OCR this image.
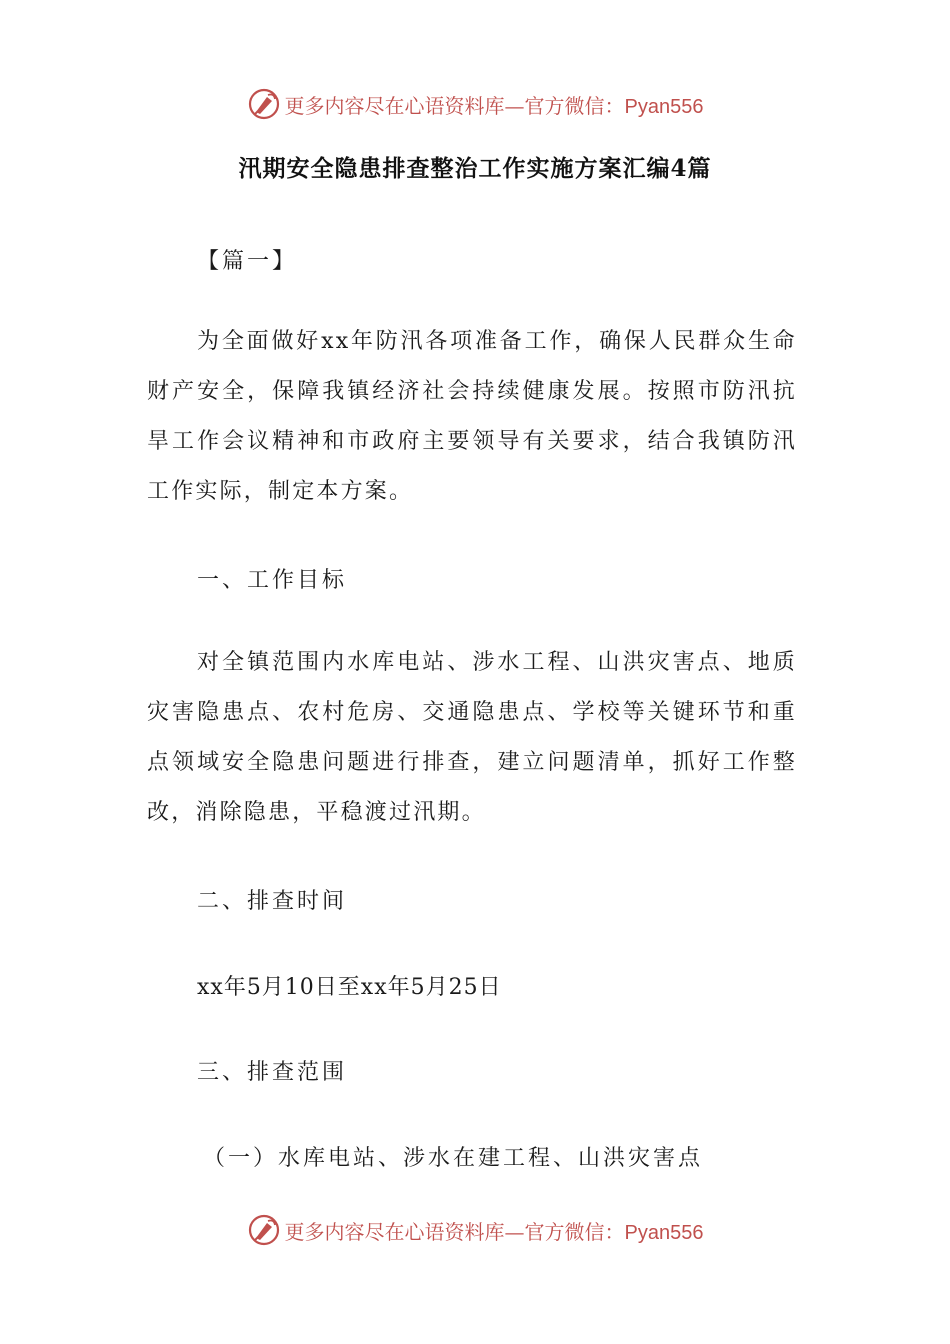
更多内容尽在心语资料库—官方微信：Pyan556
汛期安全隐患排查整治工作实施方案汇编4篇
【篇一】

为全面做好xx年防汛各项准备工作，确保人民群众生命财产安全，保障我镇经济社会持续健康发展。按照市防汛抗旱工作会议精神和市政府主要领导有关要求，结合我镇防汛工作实际，制定本方案。

一、工作目标

对全镇范围内水库电站、涉水工程、山洪灾害点、地质灾害隐患点、农村危房、交通隐患点、学校等关键环节和重点领域安全隐患问题进行排查，建立问题清单，抓好工作整改，消除隐患，平稳渡过汛期。

二、排查时间
xx年5月10日至xx年5月25日
三、排查范围
（一）水库电站、涉水在建工程、山洪灾害点
更多内容尽在心语资料库—官方微信：Pyan556
